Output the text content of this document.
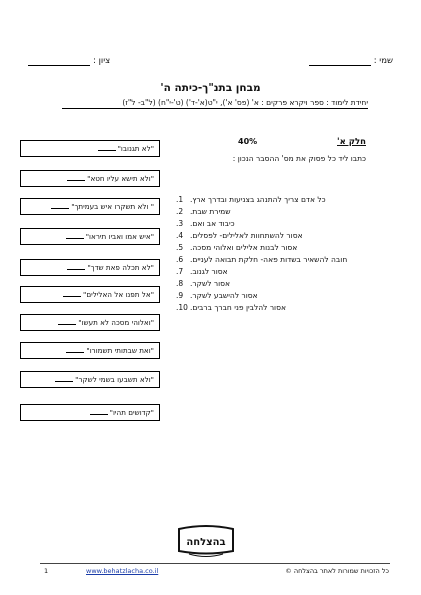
שמי :
ציון :
מבחן בתנ"ך-כיתה ה'
יחידת לימוד : ספר ויקרא פרקים : א' (פס' א'), י"ט(א'-ד') (ט'-י"ח) (ל"ב- ל"ז)
חלק א'
40%
כתבו ליד כל פסוק את מס' ההסבר הנכון :
1. כל אדם צריך להתנהג בצניעות ובדרך ארץ.
2. שמירת שבת.
3. כיבוד אב ואם.
4. אסור להשתחוות לאלילים- לפסלים.
5. אסור לבנות אלילים ואלוהי מסכה.
6. חובה להשאיר בשדות פאה- חלקת תבואה לעניים.
7. אסור לגנוב.
8. אסור לשקר.
9. אסור להישבע לשקר.
10. אסור להלבין פני חברך ברבים.
"לא תגנובו"
"ולא תישא עליו חטא"
" ולא תשקרו איש בעמיתך"
"איש אמו ואביו תיראו"
"לא תכלה פאת שדך"
"אל תפנו אל האלילים"
"ואלוהי מסכה לא תעשו"
"ואת שבתותי תשמורו"
"ולא תשבעו בשמי לשקר"
"קדושים תהיו"
בהצלחה
1	www.behatzlacha.co.il	כל הזכויות שמורות לאתר בהצלחה ©
